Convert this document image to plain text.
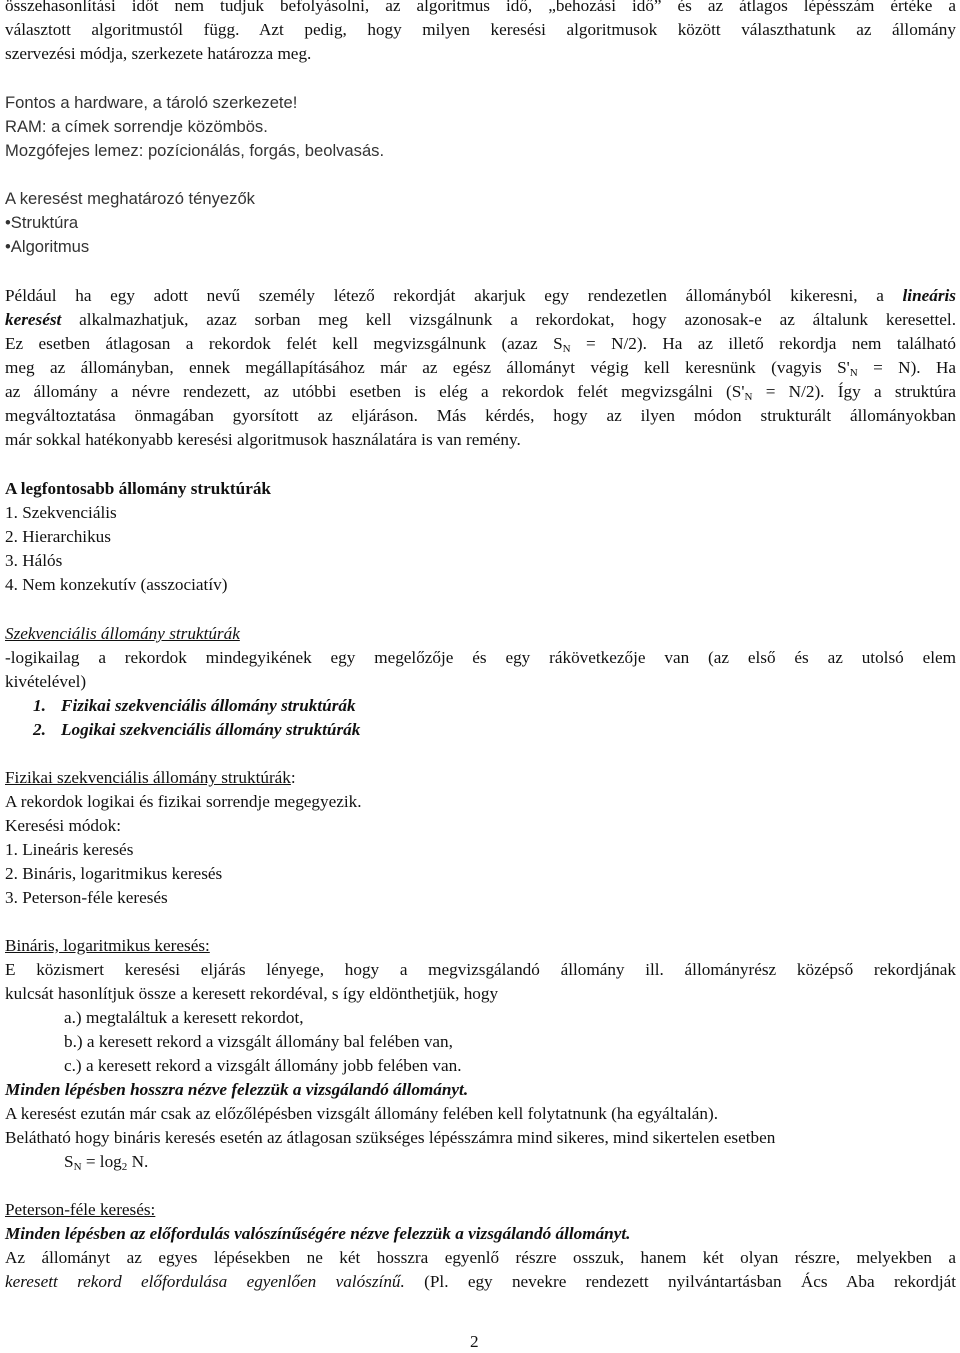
összehasonlítási időt nem tudjuk befolyásolni, az algoritmus idő, „behozási idő” és az átlagos lépésszám értéke a
választott algoritmustól függ. Azt pedig, hogy milyen keresési algoritmusok között választhatunk az állomány
szervezési módja, szerkezete határozza meg.
Fontos a hardware, a tároló szerkezete!
RAM: a címek sorrendje közömbös.
Mozgófejes lemez: pozícionálás, forgás, beolvasás.
A keresést meghatározó tényezők
•Struktúra
•Algoritmus
Például ha egy adott nevű személy létező rekordját akarjuk egy rendezetlen állományból kikeresni, a lineáris
keresést alkalmazhatjuk, azaz sorban meg kell vizsgálnunk a rekordokat, hogy azonosak-e az általunk keresettel.
Ez esetben átlagosan a rekordok felét kell megvizsgálnunk (azaz $S_N = N/2$). Ha az illető rekordja nem található
meg az állományban, ennek megállapításához már az egész állományt végig kell keresnünk (vagyis $S'_N = N$). Ha
az állomány a névre rendezett, az utóbbi esetben is elég a rekordok felét megvizsgálni $(S'_N = N/2)$. Így a struktúra
megváltoztatása önmagában gyorsított az eljáráson. Más kérdés, hogy az ilyen módon strukturált állományokban
már sokkal hatékonyabb keresési algoritmusok használatára is van remény.
A legfontosabb állomány struktúrák
1. Szekvenciális
2. Hierarchikus
3. Hálós
4. Nem konzekutív (asszociatív)
Szekvenciális állomány struktúrák
-logikailag a rekordok mindegyikének egy megelőzője és egy rákövetkezője van (az első és az utolsó elem
kivételével)
1. Fizikai szekvenciális állomány struktúrák
2. Logikai szekvenciális állomány struktúrák
Fizikai szekvenciális állomány struktúrák:
A rekordok logikai és fizikai sorrendje megegyezik.
Keresési módok:
1. Lineáris keresés
2. Bináris, logaritmikus keresés
3. Peterson-féle keresés
Bináris, logaritmikus keresés:
E közismert keresési eljárás lényege, hogy a megvizsgálandó állomány ill. állományrész középső rekordjának
kulcsát hasonlítjuk össze a keresett rekordéval, s így eldönthetjük, hogy
a.) megtaláltuk a keresett rekordot,
b.) a keresett rekord a vizsgált állomány bal felében van,
c.) a keresett rekord a vizsgált állomány jobb felében van.
Minden lépésben hosszra nézve felezzük a vizsgálandó állományt.
A keresést ezután már csak az előzőlépésben vizsgált állomány felében kell folytatnunk (ha egyáltalán).
Belátható hogy bináris keresés esetén az átlagosan szükséges lépésszámra mind sikeres, mind sikertelen esetben
$S_N = \log_2 N$.
Peterson-féle keresés:
Minden lépésben az előfordulás valószínűségére nézve felezzük a vizsgálandó állományt.
Az állományt az egyes lépésekben ne két hosszra egyenlő részre osszuk, hanem két olyan részre, melyekben a
keresett rekord előfordulása egyenlően valószínű. (Pl. egy nevekre rendezett nyilvántartásban Ács Aba rekordját
2
